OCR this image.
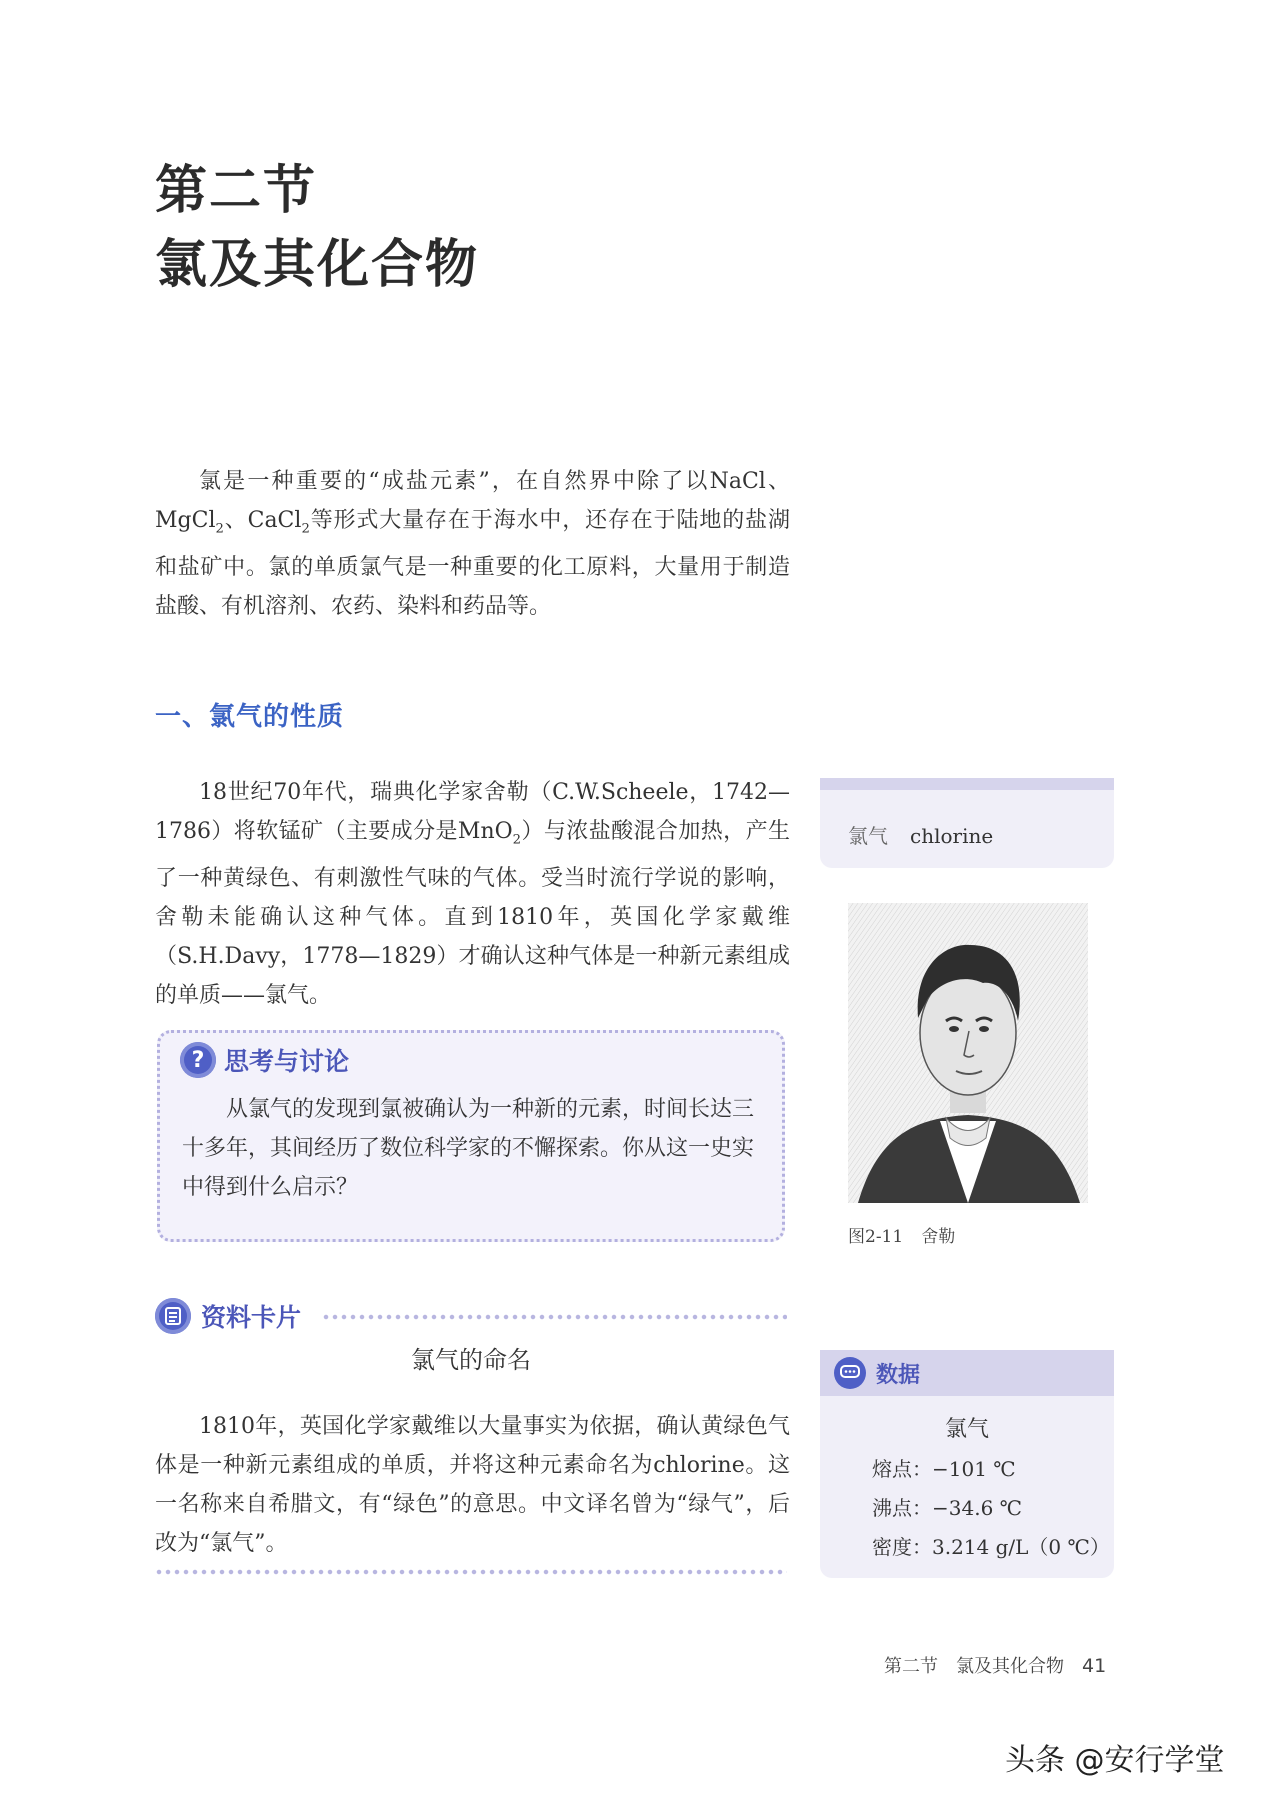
第二节
氯及其化合物

氯是一种重要的“成盐元素”，在自然界中除了以NaCl、MgCl$_2$、CaCl$_2$等形式大量存在于海水中，还存在于陆地的盐湖和盐矿中。氯的单质氯气是一种重要的化工原料，大量用于制造盐酸、有机溶剂、农药、染料和药品等。

一、氯气的性质

18世纪70年代，瑞典化学家舍勒（C.W.Scheele，1742—1786）将软锰矿（主要成分是MnO$_2$）与浓盐酸混合加热，产生了一种黄绿色、有刺激性气味的气体。受当时流行学说的影响，舍勒未能确认这种气体。直到1810年，英国化学家戴维（S.H.Davy，1778—1829）才确认这种气体是一种新元素组成的单质——氯气。

? 思考与讨论

从氯气的发现到氯被确认为一种新的元素，时间长达三十多年，其间经历了数位科学家的不懈探索。你从这一史实中得到什么启示？

资料卡片
氯气的命名

1810年，英国化学家戴维以大量事实为依据，确认黄绿色气体是一种新元素组成的单质，并将这种元素命名为chlorine。这一名称来自希腊文，有“绿色”的意思。中文译名曾为“绿气”，后改为“氯气”。

氯气 chlorine
图2-11 舍勒
数据
氯气
熔点：−101 ℃
沸点：−34.6 ℃
密度：3.214 g/L（0 ℃）
第二节 氯及其化合物 41
头条 @安行学堂
